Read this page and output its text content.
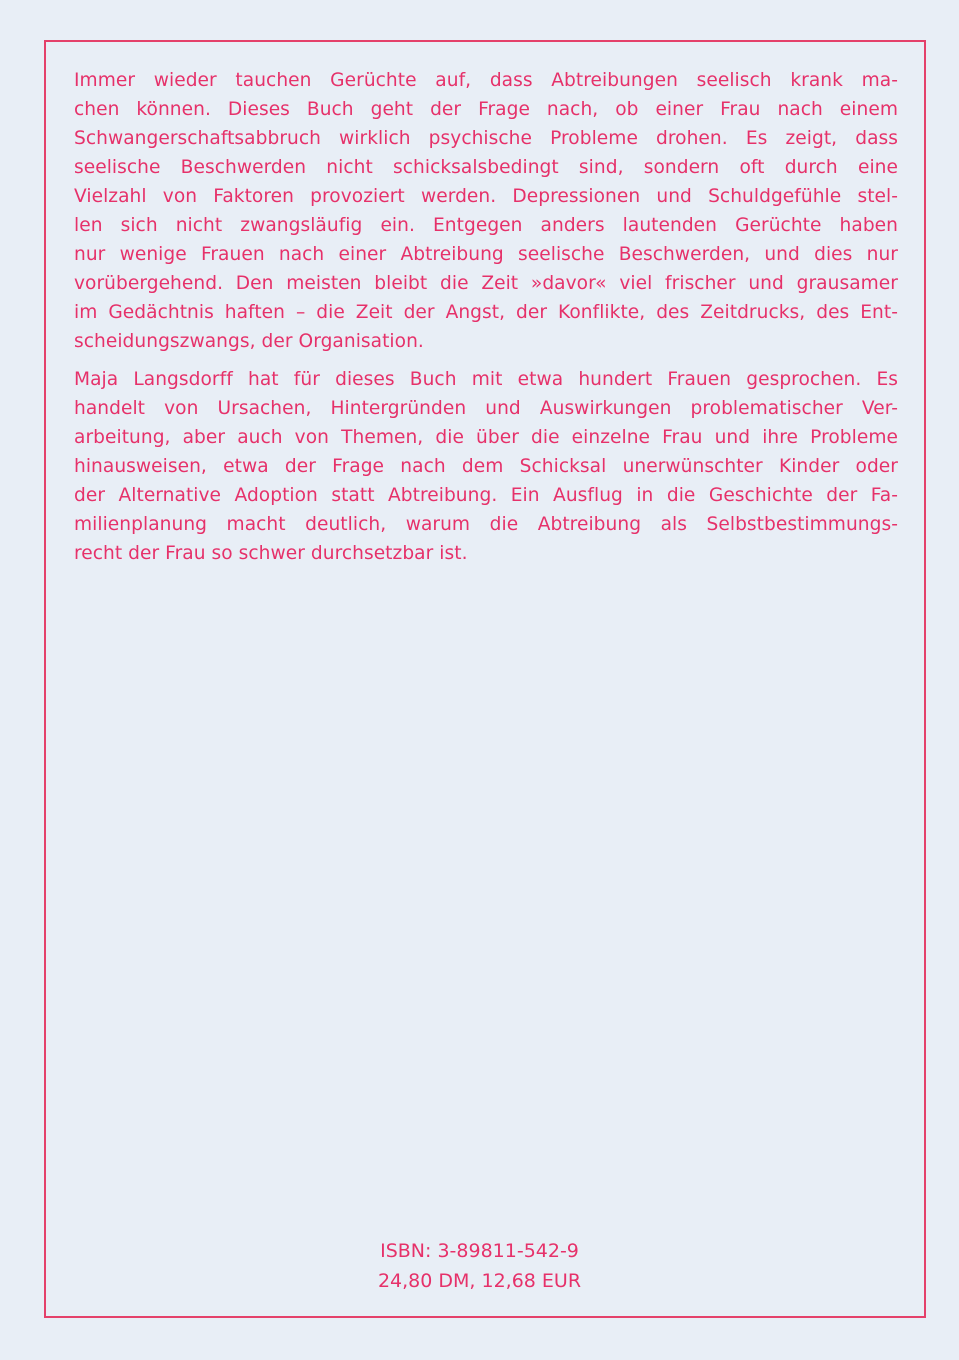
Immer wieder tauchen Gerüchte auf, dass Abtreibungen seelisch krank ma-
chen können. Dieses Buch geht der Frage nach, ob einer Frau nach einem
Schwangerschaftsabbruch wirklich psychische Probleme drohen. Es zeigt, dass
seelische Beschwerden nicht schicksalsbedingt sind, sondern oft durch eine
Vielzahl von Faktoren provoziert werden. Depressionen und Schuldgefühle stel-
len sich nicht zwangsläufig ein. Entgegen anders lautenden Gerüchte haben
nur wenige Frauen nach einer Abtreibung seelische Beschwerden, und dies nur
vorübergehend. Den meisten bleibt die Zeit »davor« viel frischer und grausamer
im Gedächtnis haften – die Zeit der Angst, der Konflikte, des Zeitdrucks, des Ent-
scheidungszwangs, der Organisation.
Maja Langsdorff hat für dieses Buch mit etwa hundert Frauen gesprochen. Es
handelt von Ursachen, Hintergründen und Auswirkungen problematischer Ver-
arbeitung, aber auch von Themen, die über die einzelne Frau und ihre Probleme
hinausweisen, etwa der Frage nach dem Schicksal unerwünschter Kinder oder
der Alternative Adoption statt Abtreibung. Ein Ausflug in die Geschichte der Fa-
milienplanung macht deutlich, warum die Abtreibung als Selbstbestimmungs-
recht der Frau so schwer durchsetzbar ist.
ISBN: 3-89811-542-9
24,80 DM, 12,68 EUR
